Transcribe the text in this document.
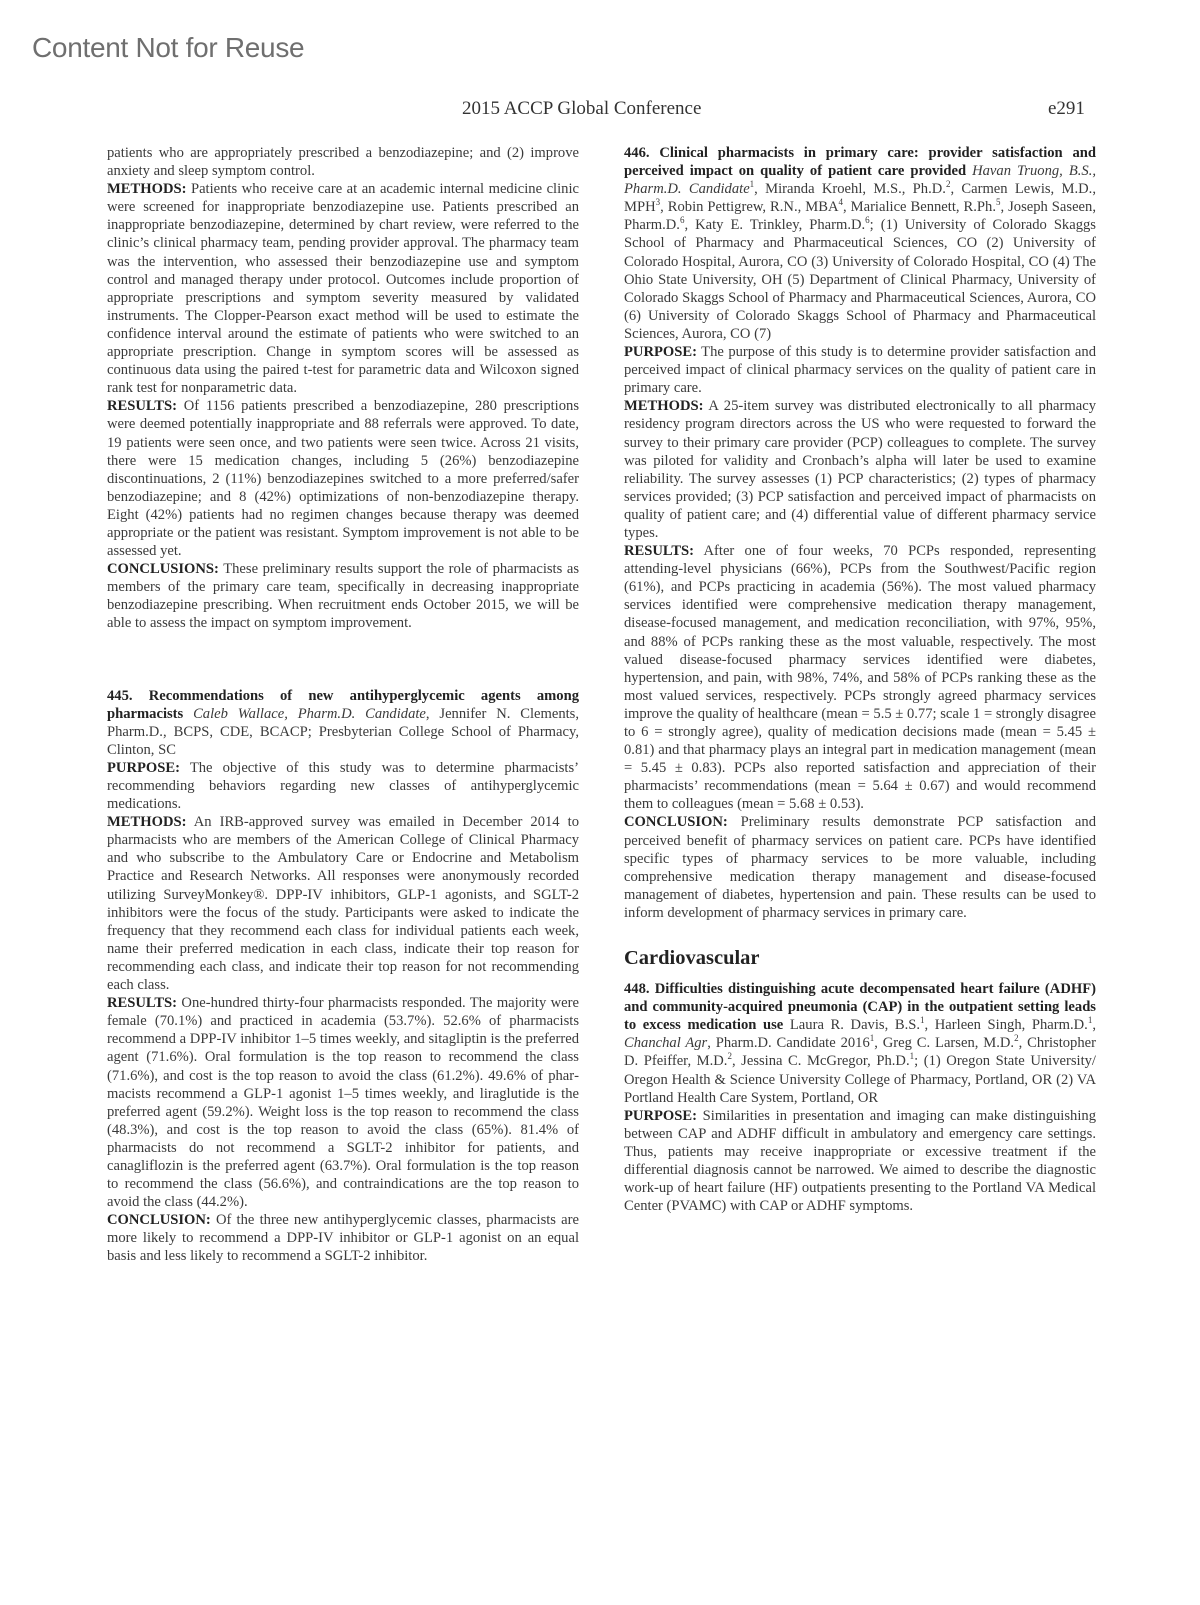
Content Not for Reuse
2015 ACCP Global Conference	e291

patients who are appropriately prescribed a benzodiazepine; and (2) improve anxiety and sleep symptom control.

METHODS: Patients who receive care at an academic internal medicine clinic were screened for inappropriate benzodiazepine use. Patients prescribed an inappropriate benzodiazepine, determined by chart review, were referred to the clinic’s clinical pharmacy team, pending provider approval. The pharmacy team was the intervention, who assessed their benzodiazepine use and symptom control and managed therapy under protocol. Outcomes include proportion of appropriate prescriptions and symptom severity measured by validated instruments. The Clopper-Pearson exact method will be used to estimate the confidence interval around the estimate of patients who were switched to an appropriate prescription. Change in symptom scores will be assessed as continuous data using the paired t-test for parametric data and Wilcoxon signed rank test for nonparametric data.

RESULTS: Of 1156 patients prescribed a benzodiazepine, 280 prescriptions were deemed potentially inappropriate and 88 referrals were approved. To date, 19 patients were seen once, and two patients were seen twice. Across 21 visits, there were 15 medication changes, including 5 (26%) benzodiazepine discontinuations, 2 (11%) benzodiazepines switched to a more preferred/safer benzodiazepine; and 8 (42%) optimizations of non-benzodiazepine therapy. Eight (42%) patients had no regimen changes because therapy was deemed appropriate or the patient was resistant. Symptom improvement is not able to be assessed yet.

CONCLUSIONS: These preliminary results support the role of pharmacists as members of the primary care team, specifically in decreasing inappropriate benzodiazepine prescribing. When recruitment ends October 2015, we will be able to assess the impact on symptom improvement.

445. Recommendations of new antihyperglycemic agents among pharmacists Caleb Wallace, Pharm.D. Candidate, Jennifer N. Clements, Pharm.D., BCPS, CDE, BCACP; Presbyterian College School of Pharmacy, Clinton, SC

PURPOSE: The objective of this study was to determine pharmacists’ recommending behaviors regarding new classes of antihyperglycemic medications.

METHODS: An IRB-approved survey was emailed in December 2014 to pharmacists who are members of the American College of Clinical Pharmacy and who subscribe to the Ambulatory Care or Endocrine and Metabolism Practice and Research Networks. All responses were anonymously recorded utilizing SurveyMonkey®. DPP-IV inhibitors, GLP-1 agonists, and SGLT-2 inhibitors were the focus of the study. Participants were asked to indicate the frequency that they recommend each class for individual patients each week, name their preferred medication in each class, indicate their top reason for recommending each class, and indicate their top reason for not recommending each class.

RESULTS: One-hundred thirty-four pharmacists responded. The majority were female (70.1%) and practiced in academia (53.7%). 52.6% of pharmacists recommend a DPP-IV inhibitor 1–5 times weekly, and sitagliptin is the preferred agent (71.6%). Oral formulation is the top reason to recommend the class (71.6%), and cost is the top reason to avoid the class (61.2%). 49.6% of pharmacists recommend a GLP-1 agonist 1–5 times weekly, and liraglutide is the preferred agent (59.2%). Weight loss is the top reason to recommend the class (48.3%), and cost is the top reason to avoid the class (65%). 81.4% of pharmacists do not recommend a SGLT-2 inhibitor for patients, and canagliflozin is the preferred agent (63.7%). Oral formulation is the top reason to recommend the class (56.6%), and contraindications are the top reason to avoid the class (44.2%).

CONCLUSION: Of the three new antihyperglycemic classes, pharmacists are more likely to recommend a DPP-IV inhibitor or GLP-1 agonist on an equal basis and less likely to recommend a SGLT-2 inhibitor.

446. Clinical pharmacists in primary care: provider satisfaction and perceived impact on quality of patient care provided Havan Truong, B.S., Pharm.D. Candidate$^1$, Miranda Kroehl, M.S., Ph.D.$^2$, Carmen Lewis, M.D., MPH$^3$, Robin Pettigrew, R.N., MBA$^4$, Marialice Bennett, R.Ph.$^5$, Joseph Saseen, Pharm.D.$^6$, Katy E. Trinkley, Pharm.D.$^6$; (1) University of Colorado Skaggs School of Pharmacy and Pharmaceutical Sciences, CO (2) University of Colorado Hospital, Aurora, CO (3) University of Colorado Hospital, CO (4) The Ohio State University, OH (5) Department of Clinical Pharmacy, University of Colorado Skaggs School of Pharmacy and Pharmaceutical Sciences, Aurora, CO (6) University of Colorado Skaggs School of Pharmacy and Pharmaceutical Sciences, Aurora, CO (7)

PURPOSE: The purpose of this study is to determine provider satisfaction and perceived impact of clinical pharmacy services on the quality of patient care in primary care.

METHODS: A 25-item survey was distributed electronically to all pharmacy residency program directors across the US who were requested to forward the survey to their primary care provider (PCP) colleagues to complete. The survey was piloted for validity and Cronbach’s alpha will later be used to examine reliability. The survey assesses (1) PCP characteristics; (2) types of pharmacy services provided; (3) PCP satisfaction and perceived impact of pharmacists on quality of patient care; and (4) differential value of different pharmacy service types.

RESULTS: After one of four weeks, 70 PCPs responded, representing attending-level physicians (66%), PCPs from the Southwest/Pacific region (61%), and PCPs practicing in academia (56%). The most valued pharmacy services identified were comprehensive medication therapy management, disease-focused management, and medication reconciliation, with 97%, 95%, and 88% of PCPs ranking these as the most valuable, respectively. The most valued disease-focused pharmacy services identified were diabetes, hypertension, and pain, with 98%, 74%, and 58% of PCPs ranking these as the most valued services, respectively. PCPs strongly agreed pharmacy services improve the quality of healthcare (mean = 5.5 ± 0.77; scale 1 = strongly disagree to 6 = strongly agree), quality of medication decisions made (mean = 5.45 ± 0.81) and that pharmacy plays an integral part in medication management (mean = 5.45 ± 0.83). PCPs also reported satisfaction and appreciation of their pharmacists’ recommendations (mean = 5.64 ± 0.67) and would recommend them to colleagues (mean = 5.68 ± 0.53).

CONCLUSION: Preliminary results demonstrate PCP satisfaction and perceived benefit of pharmacy services on patient care. PCPs have identified specific types of pharmacy services to be more valuable, including comprehensive medication therapy management and disease-focused management of diabetes, hypertension and pain. These results can be used to inform development of pharmacy services in primary care.

Cardiovascular

448. Difficulties distinguishing acute decompensated heart failure (ADHF) and community-acquired pneumonia (CAP) in the outpatient setting leads to excess medication use Laura R. Davis, B.S.$^1$, Harleen Singh, Pharm.D.$^1$, Chanchal Agr, Pharm.D. Candidate 2016$^1$, Greg C. Larsen, M.D.$^2$, Christopher D. Pfeiffer, M.D.$^2$, Jessina C. McGregor, Ph.D.$^1$; (1) Oregon State University/ Oregon Health & Science University College of Pharmacy, Portland, OR (2) VA Portland Health Care System, Portland, OR

PURPOSE: Similarities in presentation and imaging can make distinguishing between CAP and ADHF difficult in ambulatory and emergency care settings. Thus, patients may receive inappropriate or excessive treatment if the differential diagnosis cannot be narrowed. We aimed to describe the diagnostic work-up of heart failure (HF) outpatients presenting to the Portland VA Medical Center (PVAMC) with CAP or ADHF symptoms.
